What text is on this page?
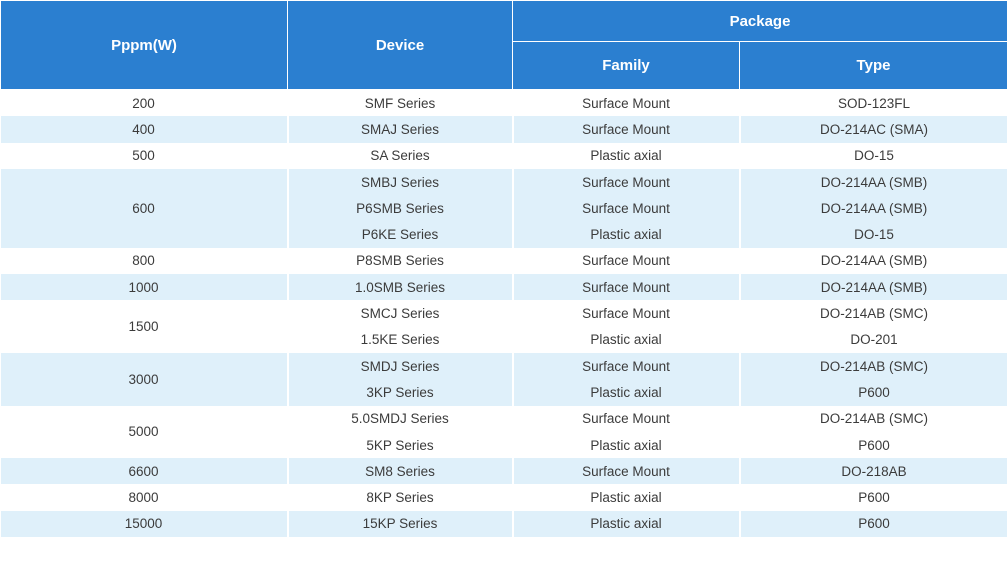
Pppm(W)	Device	Package	
		Family	Type
200	SMF Series	Surface Mount	SOD-123FL
400	SMAJ Series	Surface Mount	DO-214AC (SMA)
500	SA Series	Plastic axial	DO-15
600	SMBJ Series	Surface Mount	DO-214AA (SMB)
	P6SMB Series	Surface Mount	DO-214AA (SMB)
	P6KE Series	Plastic axial	DO-15
800	P8SMB Series	Surface Mount	DO-214AA (SMB)
1000	1.0SMB Series	Surface Mount	DO-214AA (SMB)
1500	SMCJ Series	Surface Mount	DO-214AB (SMC)
	1.5KE Series	Plastic axial	DO-201
3000	SMDJ Series	Surface Mount	DO-214AB (SMC)
	3KP Series	Plastic axial	P600
5000	5.0SMDJ Series	Surface Mount	DO-214AB (SMC)
	5KP Series	Plastic axial	P600
6600	SM8 Series	Surface Mount	DO-218AB
8000	8KP Series	Plastic axial	P600
15000	15KP Series	Plastic axial	P600
